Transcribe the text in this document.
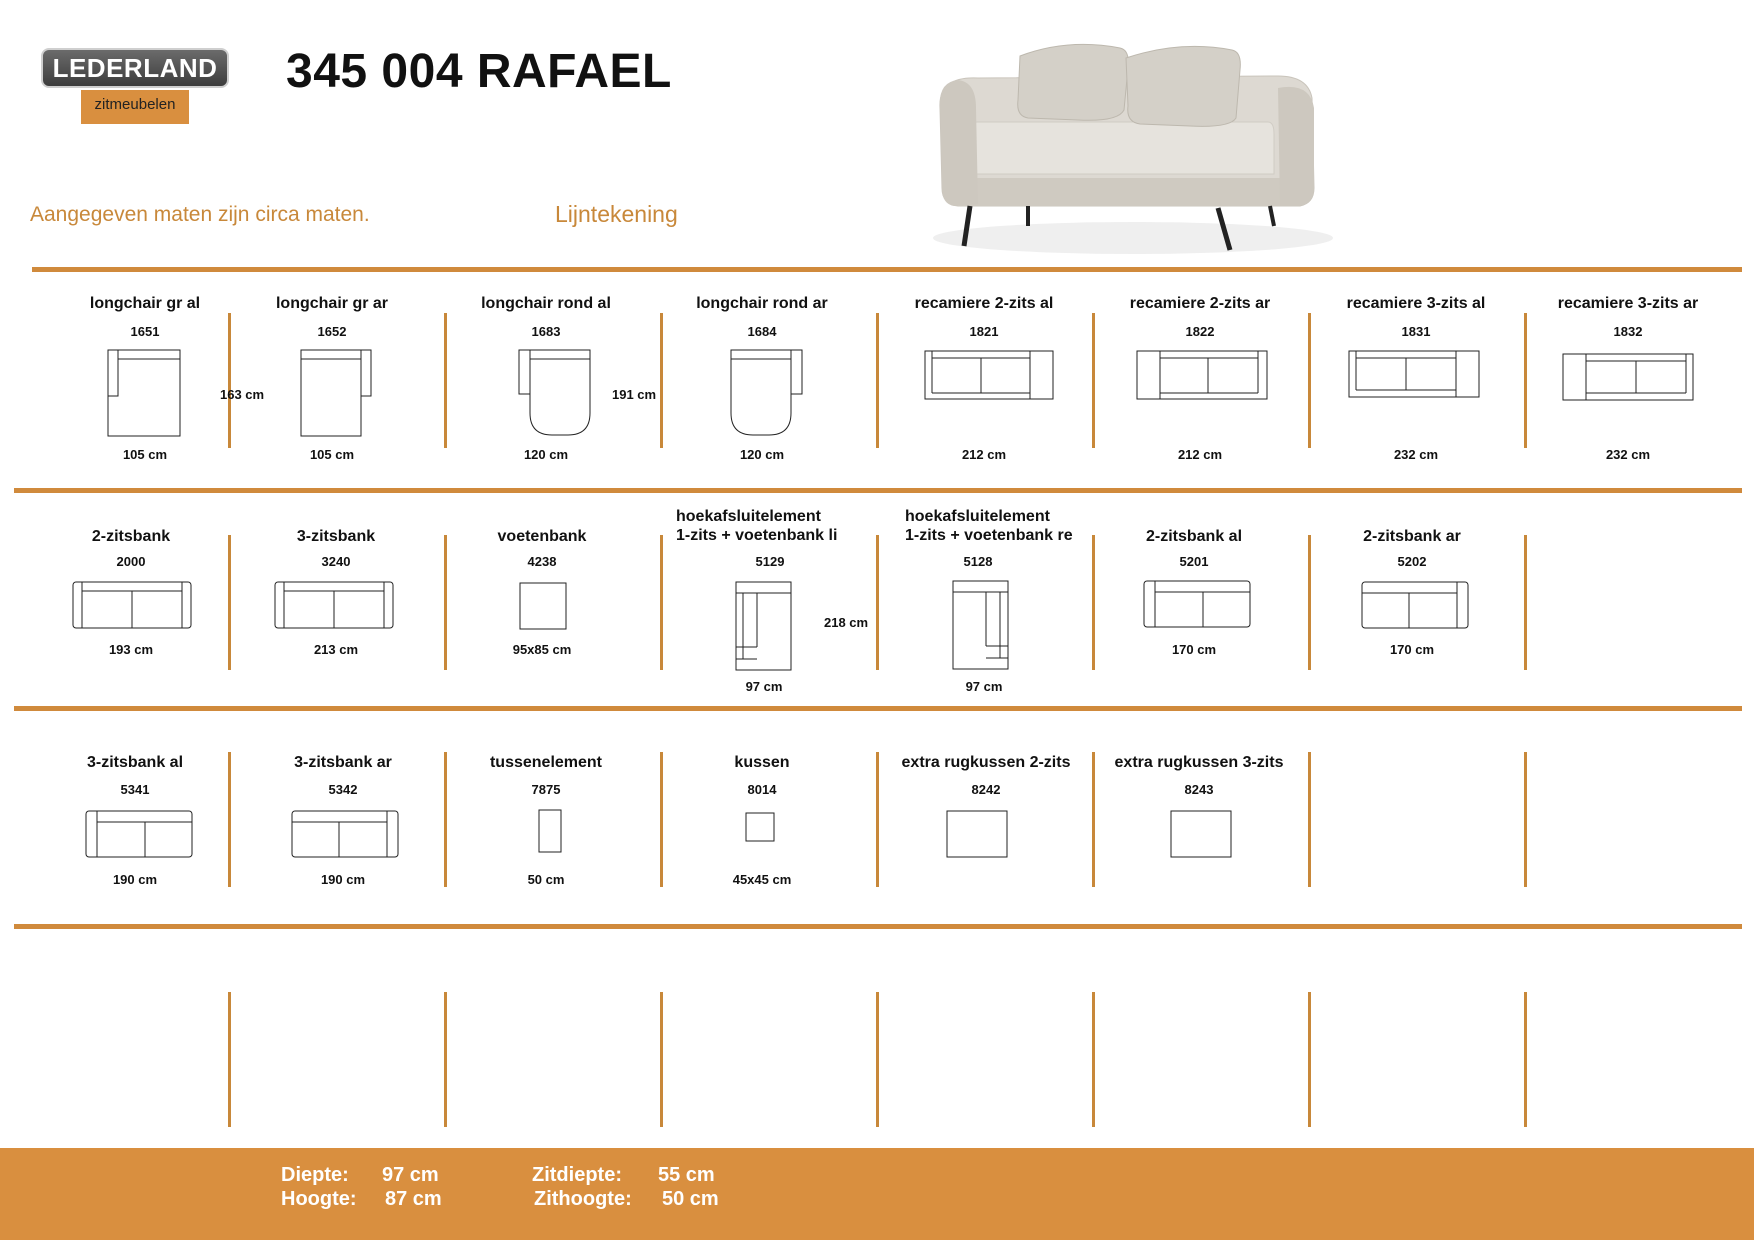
LEDERLAND
zitmeubelen
345 004 RAFAEL
Aangegeven maten zijn circa maten.	Lijntekening
longchair gr al
1651
105 cm
longchair gr ar
1652
163 cm
105 cm
longchair rond al
1683
191 cm
120 cm
longchair rond ar
1684
120 cm
recamiere 2-zits al
1821
212 cm
recamiere 2-zits ar
1822
212 cm
recamiere 3-zits al
1831
232 cm
recamiere 3-zits ar
1832
232 cm
2-zitsbank
2000
193 cm
3-zitsbank
3240
213 cm
voetenbank
4238
95x85 cm
hoekafsluitelement
1-zits + voetenbank li
5129
218 cm
97 cm
hoekafsluitelement
1-zits + voetenbank re
5128
97 cm
2-zitsbank al
5201
170 cm
2-zitsbank ar
5202
170 cm
3-zitsbank al
5341
190 cm
3-zitsbank ar
5342
190 cm
tussenelement
7875
50 cm
kussen
8014
45x45 cm
extra rugkussen 2-zits
8242
extra rugkussen 3-zits
8243
Diepte: 97 cm
Hoogte: 87 cm
Zitdiepte: 55 cm
Zithoogte: 50 cm
